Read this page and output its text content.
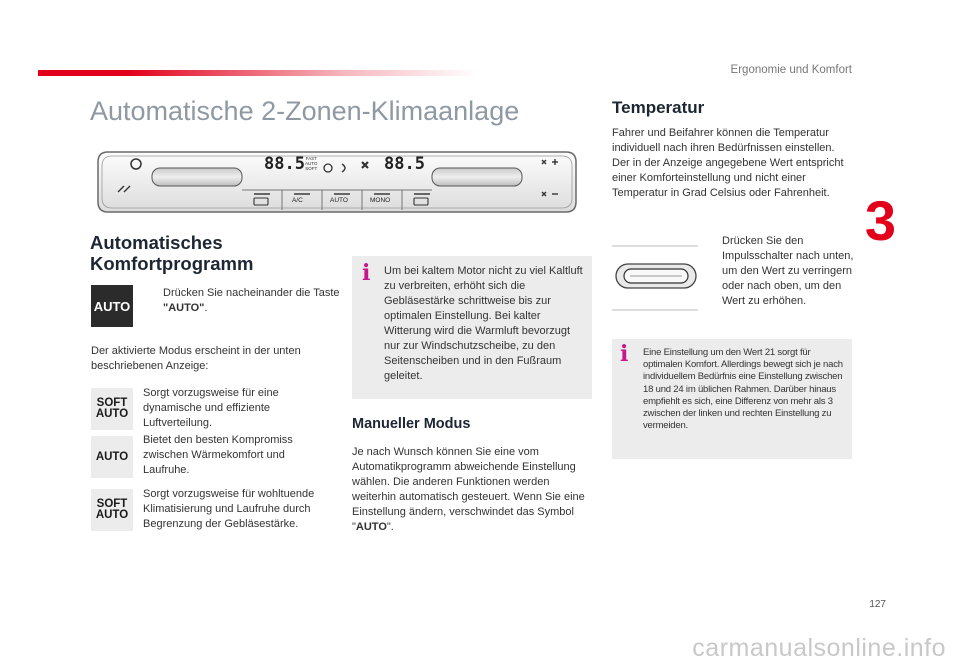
Ergonomie und Komfort
3
127
carmanualsonline.info
Automatische 2-Zonen-Klimaanlage
88.5	88.5
FAST
AUTO
SOFT
A/C	AUTO	MONO
Automatisches Komfortprogramm
AUTO
Drücken Sie nacheinander die Taste "AUTO".
Der aktivierte Modus erscheint in der unten beschriebenen Anzeige:
SOFT
AUTO
Sorgt vorzugsweise für eine dynamische und effiziente Luftverteilung.
AUTO
Bietet den besten Kompromiss zwischen Wärmekomfort und Laufruhe.
SOFT
AUTO
Sorgt vorzugsweise für wohltuende Klimatisierung und Laufruhe durch Begrenzung der Gebläsestärke.
i Um bei kaltem Motor nicht zu viel Kaltluft zu verbreiten, erhöht sich die Gebläsestärke schrittweise bis zur optimalen Einstellung. Bei kalter Witterung wird die Warmluft bevorzugt nur zur Windschutzscheibe, zu den Seitenscheiben und in den Fußraum geleitet.
Manueller Modus
Je nach Wunsch können Sie eine vom Automatikprogramm abweichende Einstellung wählen. Die anderen Funktionen werden weiterhin automatisch gesteuert. Wenn Sie eine Einstellung ändern, verschwindet das Symbol "AUTO".
Temperatur
Fahrer und Beifahrer können die Temperatur individuell nach ihren Bedürfnissen einstellen. Der in der Anzeige angegebene Wert entspricht einer Komforteinstellung und nicht einer Temperatur in Grad Celsius oder Fahrenheit.
Drücken Sie den Impulsschalter nach unten, um den Wert zu verringern oder nach oben, um den Wert zu erhöhen.
i Eine Einstellung um den Wert 21 sorgt für optimalen Komfort. Allerdings bewegt sich je nach individuellem Bedürfnis eine Einstellung zwischen 18 und 24 im üblichen Rahmen. Darüber hinaus empfiehlt es sich, eine Differenz von mehr als 3 zwischen der linken und rechten Einstellung zu vermeiden.
